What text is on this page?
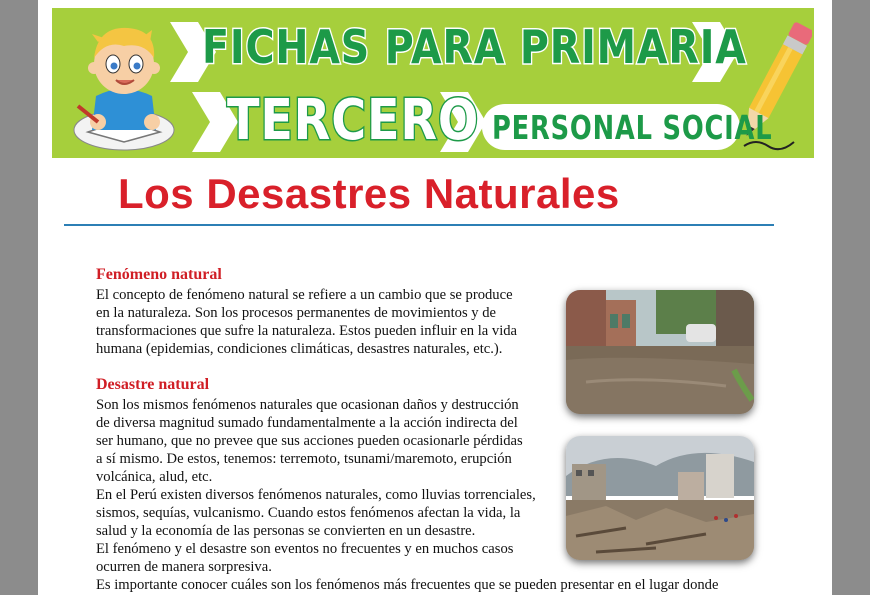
FICHAS PARA PRIMARIA
TERCERO PERSONAL SOCIAL
Los Desastres Naturales
Fenómeno natural
El concepto de fenómeno natural se refiere a un cambio que se produce
en la naturaleza. Son los procesos permanentes de movimientos y de
transformaciones que sufre la naturaleza. Estos pueden influir en la vida
humana (epidemias, condiciones climáticas, desastres naturales, etc.).
Desastre natural
Son los mismos fenómenos naturales que ocasionan daños y destrucción
de diversa magnitud sumado fundamentalmente a la acción indirecta del
ser humano, que no prevee que sus acciones pueden ocasionarle pérdidas
a sí mismo. De estos, tenemos: terremoto, tsunami/maremoto, erupción
volcánica, alud, etc.
En el Perú existen diversos fenómenos naturales, como lluvias torrenciales,
sismos, sequías, vulcanismo. Cuando estos fenómenos afectan la vida, la
salud y la economía de las personas se convierten en un desastre.
El fenómeno y el desastre son eventos no frecuentes y en muchos casos
ocurren de manera sorpresiva.
Es importante conocer cuáles son los fenómenos más frecuentes que se pueden presentar en el lugar donde
